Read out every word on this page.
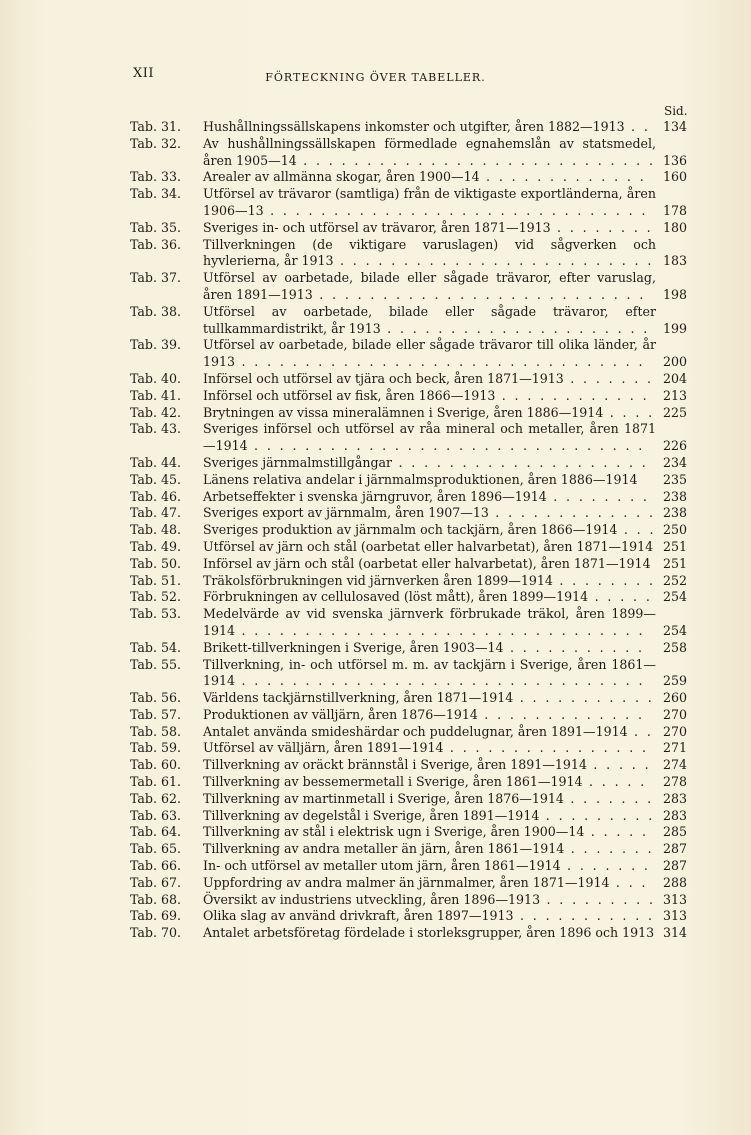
XII	FÖRTECKNING ÖVER TABELLER.
Sid.
Tab. 31.	Hushållningssällskapens inkomster och utgifter, åren 1882—1913 . .	134
Tab. 32.	Av hushållningssällskapen förmedlade egnahemslån av statsmedel, åren 1905—14 . . . . . . . . . . . . . . . . . . . . . . . . . . . . 136
Tab. 33.	Arealer av allmänna skogar, åren 1900—14 . . . . . . . . . . . . .	160
Tab. 34.	Utförsel av trävaror (samtliga) från de viktigaste exportländerna, åren 1906—13 . . . . . . . . . . . . . . . . . . . . . . . . . . . . . .	178
Tab. 35.	Sveriges in- och utförsel av trävaror, åren 1871—1913 . . . . . . . . 180
Tab. 36.	Tillverkningen (de viktigare varuslagen) vid sågverken och hyvlerierna, år 1913 . . . . . . . . . . . . . . . . . . . . . . . . . 183
Tab. 37.	Utförsel av oarbetade, bilade eller sågade trävaror, efter varuslag, åren 1891—1913 . . . . . . . . . . . . . . . . . . . . . . . . . .	198
Tab. 38.	Utförsel av oarbetade, bilade eller sågade trävaror, efter tullkammardistrikt, år 1913 . . . . . . . . . . . . . . . . . . . . .	199
Tab. 39.	Utförsel av oarbetade, bilade eller sågade trävaror till olika länder, år 1913 . . . . . . . . . . . . . . . . . . . . . . . . . . . . . . . .	200
Tab. 40.	Införsel och utförsel av tjära och beck, åren 1871—1913 . . . . . . . 204
Tab. 41.	Införsel och utförsel av fisk, åren 1866—1913 . . . . . . . . . . . .	213
Tab. 42.	Brytningen av vissa mineralämnen i Sverige, åren 1886—1914 . . . . 225
Tab. 43.	Sveriges införsel och utförsel av råa mineral och metaller, åren 1871—1914 . . . . . . . . . . . . . . . . . . . . . . . . . . . . . . .	226
Tab. 44.	Sveriges järnmalmstillgångar . . . . . . . . . . . . . . . . . . . .	234
Tab. 45.	Länens relativa andelar i järnmalmsproduktionen, åren 1886—1914	235
Tab. 46.	Arbetseffekter i svenska järngruvor, åren 1896—1914 . . . . . . . .	238
Tab. 47.	Sveriges export av järnmalm, åren 1907—13 . . . . . . . . . . . . . 238
Tab. 48.	Sveriges produktion av järnmalm och tackjärn, åren 1866—1914 . . . 250
Tab. 49.	Utförsel av järn och stål (oarbetat eller halvarbetat), åren 1871—1914 251
Tab. 50.	Införsel av järn och stål (oarbetat eller halvarbetat), åren 1871—1914 251
Tab. 51.	Träkolsförbrukningen vid järnverken åren 1899—1914 . . . . . . . . 252
Tab. 52.	Förbrukningen av cellulosaved (löst mått), åren 1899—1914 . . . . . 254
Tab. 53.	Medelvärde av vid svenska järnverk förbrukade träkol, åren 1899—1914 . . . . . . . . . . . . . . . . . . . . . . . . . . . . . . . .	254
Tab. 54.	Brikett-tillverkningen i Sverige, åren 1903—14 . . . . . . . . . . .	258
Tab. 55.	Tillverkning, in- och utförsel m. m. av tackjärn i Sverige, åren 1861—1914 . . . . . . . . . . . . . . . . . . . . . . . . . . . . . . . .	259
Tab. 56.	Världens tackjärnstillverkning, åren 1871—1914 . . . . . . . . . . . 260
Tab. 57.	Produktionen av välljärn, åren 1876—1914 . . . . . . . . . . . . .	270
Tab. 58.	Antalet använda smideshärdar och puddelugnar, åren 1891—1914 . . 270
Tab. 59.	Utförsel av välljärn, åren 1891—1914 . . . . . . . . . . . . . . . .	271
Tab. 60.	Tillverkning av oräckt brännstål i Sverige, åren 1891—1914 . . . . . 274
Tab. 61.	Tillverkning av bessemermetall i Sverige, åren 1861—1914 . . . . .	278
Tab. 62.	Tillverkning av martinmetall i Sverige, åren 1876—1914 . . . . . . . 283
Tab. 63.	Tillverkning av degelstål i Sverige, åren 1891—1914 . . . . . . . . . 283
Tab. 64.	Tillverkning av stål i elektrisk ugn i Sverige, åren 1900—14 . . . . .	285
Tab. 65.	Tillverkning av andra metaller än järn, åren 1861—1914 . . . . . . . 287
Tab. 66.	In- och utförsel av metaller utom järn, åren 1861—1914 . . . . . . .	287
Tab. 67.	Uppfordring av andra malmer än järnmalmer, åren 1871—1914 . . .	288
Tab. 68.	Översikt av industriens utveckling, åren 1896—1913 . . . . . . . . . 313
Tab. 69.	Olika slag av använd drivkraft, åren 1897—1913 . . . . . . . . . . . 313
Tab. 70.	Antalet arbetsföretag fördelade i storleksgrupper, åren 1896 och 1913 314
